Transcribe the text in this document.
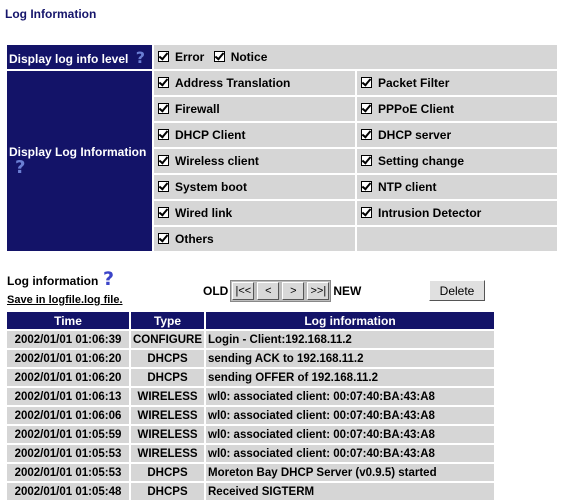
Log Information
Display log info level ?	Error Notice	

Display Log Information
?	Address Translation	Packet Filter
	Firewall	PPPoE Client
	DHCP Client	DHCP server
	Wireless client	Setting change
	System boot	NTP client
	Wired link	Intrusion Detector
	Others	
Log information ?
Save in logfile.log file.
OLD |<<	<	>	>>| NEW	Delete
Time	Type	Log information
2002/01/01 01:06:39	CONFIGURE	Login - Client:192.168.11.2
2002/01/01 01:06:20	DHCPS	sending ACK to 192.168.11.2
2002/01/01 01:06:20	DHCPS	sending OFFER of 192.168.11.2
2002/01/01 01:06:13	WIRELESS	wl0: associated client: 00:07:40:BA:43:A8
2002/01/01 01:06:06	WIRELESS	wl0: associated client: 00:07:40:BA:43:A8
2002/01/01 01:05:59	WIRELESS	wl0: associated client: 00:07:40:BA:43:A8
2002/01/01 01:05:53	WIRELESS	wl0: associated client: 00:07:40:BA:43:A8
2002/01/01 01:05:53	DHCPS	Moreton Bay DHCP Server (v0.9.5) started
2002/01/01 01:05:48	DHCPS	Received SIGTERM
